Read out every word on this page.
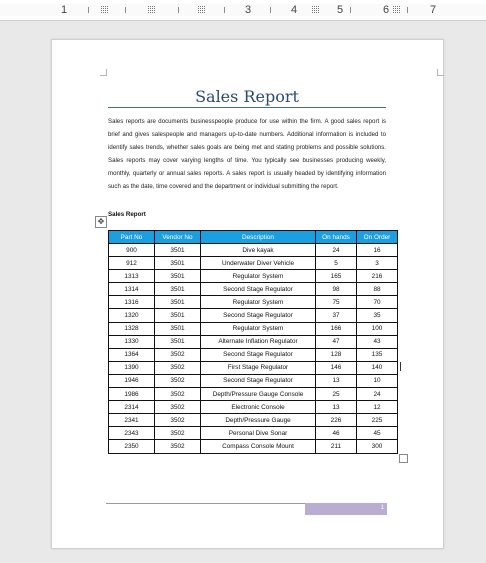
1	3	4	5	6	7
Sales Report
Sales reports are documents businesspeople produce for use within the firm. A good sales report is brief and gives salespeople and managers up-to-date numbers. Additional information is included to identify sales trends, whether sales goals are being met and stating problems and possible solutions. Sales reports may cover varying lengths of time. You typically see businesses producing weekly, monthly, quarterly or annual sales reports. A sales report is usually headed by identifying information such as the date, time covered and the department or individual submitting the report.
Sales Report
✥
Part No	Vendor No	Description	On hands	On Order
900	3501	Dive kayak	24	16
912	3501	Underwater Diver Vehicle	5	3
1313	3501	Regulator System	165	216
1314	3501	Second Stage Regulator	98	88
1316	3501	Regulator System	75	70
1320	3501	Second Stage Regulator	37	35
1328	3501	Regulator System	166	100
1330	3501	Alternate Inflation Regulator	47	43
1364	3502	Second Stage Regulator	128	135
1390	3502	First Stage Regulator	146	140
1946	3502	Second Stage Regulator	13	10
1986	3502	Depth/Pressure Gauge Console	25	24
2314	3502	Electronic Console	13	12
2341	3502	Depth/Pressure Gauge	226	225
2343	3502	Personal Dive Sonar	46	45
2350	3502	Compass Console Mount	211	300
1
